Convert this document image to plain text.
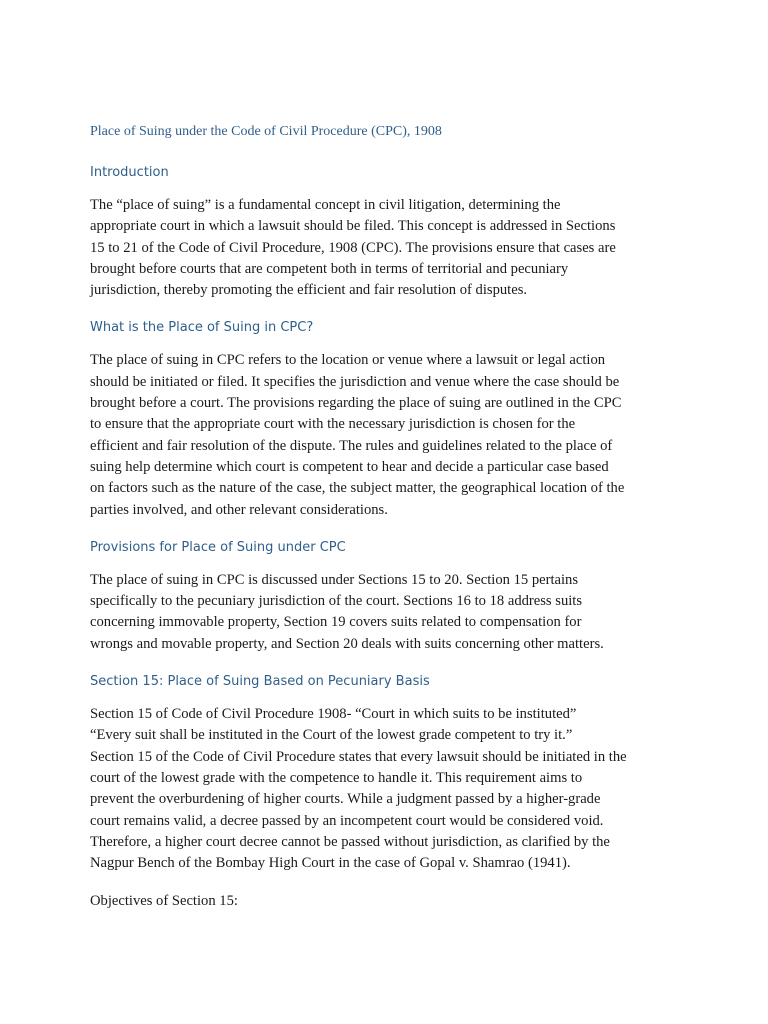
Place of Suing under the Code of Civil Procedure (CPC), 1908
Introduction
The “place of suing” is a fundamental concept in civil litigation, determining the
appropriate court in which a lawsuit should be filed. This concept is addressed in Sections
15 to 21 of the Code of Civil Procedure, 1908 (CPC). The provisions ensure that cases are
brought before courts that are competent both in terms of territorial and pecuniary
jurisdiction, thereby promoting the efficient and fair resolution of disputes.
What is the Place of Suing in CPC?
The place of suing in CPC refers to the location or venue where a lawsuit or legal action
should be initiated or filed. It specifies the jurisdiction and venue where the case should be
brought before a court. The provisions regarding the place of suing are outlined in the CPC
to ensure that the appropriate court with the necessary jurisdiction is chosen for the
efficient and fair resolution of the dispute. The rules and guidelines related to the place of
suing help determine which court is competent to hear and decide a particular case based
on factors such as the nature of the case, the subject matter, the geographical location of the
parties involved, and other relevant considerations.
Provisions for Place of Suing under CPC
The place of suing in CPC is discussed under Sections 15 to 20. Section 15 pertains
specifically to the pecuniary jurisdiction of the court. Sections 16 to 18 address suits
concerning immovable property, Section 19 covers suits related to compensation for
wrongs and movable property, and Section 20 deals with suits concerning other matters.
Section 15: Place of Suing Based on Pecuniary Basis
Section 15 of Code of Civil Procedure 1908- “Court in which suits to be instituted”
“Every suit shall be instituted in the Court of the lowest grade competent to try it.”
Section 15 of the Code of Civil Procedure states that every lawsuit should be initiated in the
court of the lowest grade with the competence to handle it. This requirement aims to
prevent the overburdening of higher courts. While a judgment passed by a higher-grade
court remains valid, a decree passed by an incompetent court would be considered void.
Therefore, a higher court decree cannot be passed without jurisdiction, as clarified by the
Nagpur Bench of the Bombay High Court in the case of Gopal v. Shamrao (1941).
Objectives of Section 15:
